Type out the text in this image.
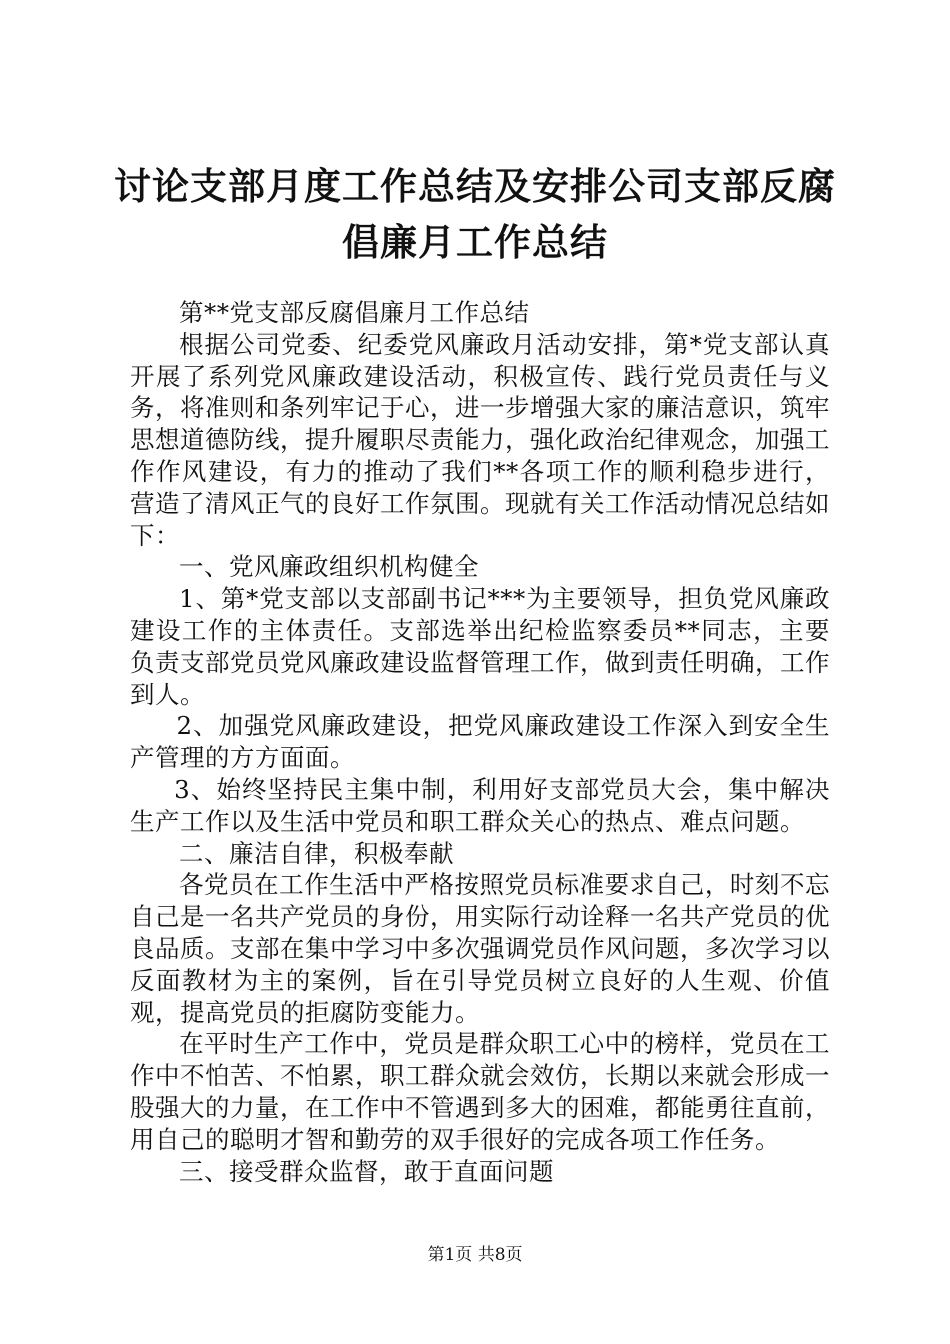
讨论支部月度工作总结及安排公司支部反腐倡廉月工作总结

第**党支部反腐倡廉月工作总结

根据公司党委、纪委党风廉政月活动安排，第*党支部认真开展了系列党风廉政建设活动，积极宣传、践行党员责任与义务，将准则和条列牢记于心，进一步增强大家的廉洁意识，筑牢思想道德防线，提升履职尽责能力，强化政治纪律观念，加强工作作风建设，有力的推动了我们**各项工作的顺利稳步进行，营造了清风正气的良好工作氛围。现就有关工作活动情况总结如下：

一、党风廉政组织机构健全

1、第*党支部以支部副书记***为主要领导，担负党风廉政建设工作的主体责任。支部选举出纪检监察委员**同志，主要负责支部党员党风廉政建设监督管理工作，做到责任明确，工作到人。

2、加强党风廉政建设，把党风廉政建设工作深入到安全生产管理的方方面面。

3、始终坚持民主集中制，利用好支部党员大会，集中解决生产工作以及生活中党员和职工群众关心的热点、难点问题。

二、廉洁自律，积极奉献

各党员在工作生活中严格按照党员标准要求自己，时刻不忘自己是一名共产党员的身份，用实际行动诠释一名共产党员的优良品质。支部在集中学习中多次强调党员作风问题，多次学习以反面教材为主的案例，旨在引导党员树立良好的人生观、价值观，提高党员的拒腐防变能力。

在平时生产工作中，党员是群众职工心中的榜样，党员在工作中不怕苦、不怕累，职工群众就会效仿，长期以来就会形成一股强大的力量，在工作中不管遇到多大的困难，都能勇往直前，用自己的聪明才智和勤劳的双手很好的完成各项工作任务。

三、接受群众监督，敢于直面问题

第1页 共8页
